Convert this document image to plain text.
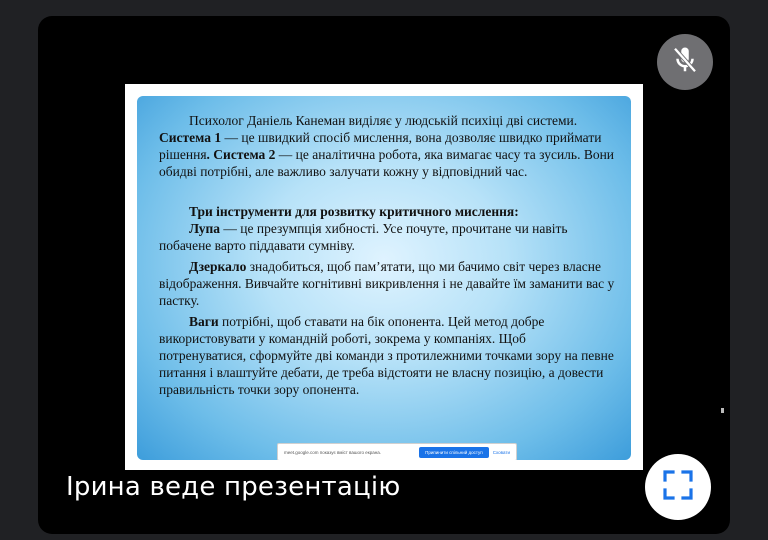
Психолог Даніель Канеман виділяє у людській психіці дві системи.
Система 1 — це швидкий спосіб мислення, вона дозволяє швидко приймати рішення. Система 2 — це аналітична робота, яка вимагає часу та зусиль. Вони обидві потрібні, але важливо залучати кожну у відповідний час.

Три інструменти для розвитку критичного мислення:

Лупа — це презумпція хибності. Усе почуте, прочитане чи навіть побачене варто піддавати сумніву.

Дзеркало знадобиться, щоб пам’ятати, що ми бачимо світ через власне відображення. Вивчайте когнітивні викривлення і не давайте їм заманити вас у пастку.

Ваги потрібні, щоб ставати на бік опонента. Цей метод добре використовувати у командній роботі, зокрема у компаніях. Щоб потренуватися, сформуйте дві команди з протилежними точками зору на певне питання і влаштуйте дебати, де треба відстояти не власну позицію, а довести правильність точки зору опонента.

meet.google.com показує вміст вашого екрана.	Припинити спільний доступ	Сховати
Ірина веде презентацію
